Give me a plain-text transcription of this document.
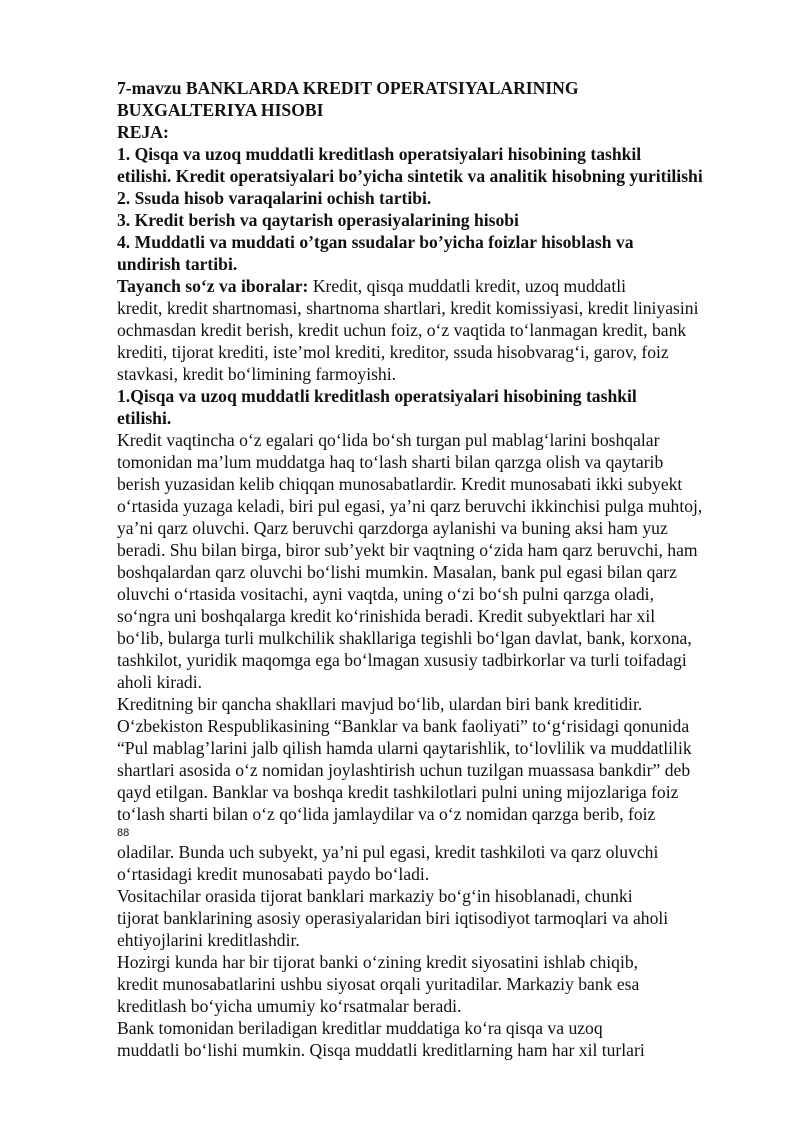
7-mavzu BANKLARDA KREDIT OPERATSIYALARINING
BUXGALTERIYA HISOBI
REJA:
1. Qisqa va uzoq muddatli kreditlash operatsiyalari hisobining tashkil
etilishi. Kredit operatsiyalari bo’yicha sintetik va analitik hisobning yuritilishi
2. Ssuda hisob varaqalarini ochish tartibi.
3. Kredit berish va qaytarish operasiyalarining hisobi
4. Muddatli va muddati o’tgan ssudalar bo’yicha foizlar hisoblash va
undirish tartibi.
Tayanch so‘z va iboralar: Kredit, qisqa muddatli kredit, uzoq muddatli
kredit, kredit shartnomasi, shartnoma shartlari, kredit komissiyasi, kredit liniyasini
ochmasdan kredit berish, kredit uchun foiz, o‘z vaqtida to‘lanmagan kredit, bank
krediti, tijorat krediti, iste’mol krediti, kreditor, ssuda hisobvarag‘i, garov, foiz
stavkasi, kredit bo‘limining farmoyishi.
1.Qisqa va uzoq muddatli kreditlash operatsiyalari hisobining tashkil
etilishi.
Kredit vaqtincha o‘z egalari qo‘lida bo‘sh turgan pul mablag‘larini boshqalar
tomonidan ma’lum muddatga haq to‘lash sharti bilan qarzga olish va qaytarib
berish yuzasidan kelib chiqqan munosabatlardir. Kredit munosabati ikki subyekt
o‘rtasida yuzaga keladi, biri pul egasi, ya’ni qarz beruvchi ikkinchisi pulga muhtoj,
ya’ni qarz oluvchi. Qarz beruvchi qarzdorga aylanishi va buning aksi ham yuz
beradi. Shu bilan birga, biror sub’yekt bir vaqtning o‘zida ham qarz beruvchi, ham
boshqalardan qarz oluvchi bo‘lishi mumkin. Masalan, bank pul egasi bilan qarz
oluvchi o‘rtasida vositachi, ayni vaqtda, uning o‘zi bo‘sh pulni qarzga oladi,
so‘ngra uni boshqalarga kredit ko‘rinishida beradi. Kredit subyektlari har xil
bo‘lib, bularga turli mulkchilik shakllariga tegishli bo‘lgan davlat, bank, korxona,
tashkilot, yuridik maqomga ega bo‘lmagan xususiy tadbirkorlar va turli toifadagi
aholi kiradi.
Kreditning bir qancha shakllari mavjud bo‘lib, ulardan biri bank kreditidir.
O‘zbekiston Respublikasining “Banklar va bank faoliyati” to‘g‘risidagi qonunida
“Pul mablag’larini jalb qilish hamda ularni qaytarishlik, to‘lovlilik va muddatlilik
shartlari asosida o‘z nomidan joylashtirish uchun tuzilgan muassasa bankdir” deb
qayd etilgan. Banklar va boshqa kredit tashkilotlari pulni uning mijozlariga foiz
to‘lash sharti bilan o‘z qo‘lida jamlaydilar va o‘z nomidan qarzga berib, foiz
88
oladilar. Bunda uch subyekt, ya’ni pul egasi, kredit tashkiloti va qarz oluvchi
o‘rtasidagi kredit munosabati paydo bo‘ladi.
Vositachilar orasida tijorat banklari markaziy bo‘g‘in hisoblanadi, chunki
tijorat banklarining asosiy operasiyalaridan biri iqtisodiyot tarmoqlari va aholi
ehtiyojlarini kreditlashdir.
Hozirgi kunda har bir tijorat banki o‘zining kredit siyosatini ishlab chiqib,
kredit munosabatlarini ushbu siyosat orqali yuritadilar. Markaziy bank esa
kreditlash bo‘yicha umumiy ko‘rsatmalar beradi.
Bank tomonidan beriladigan kreditlar muddatiga ko‘ra qisqa va uzoq
muddatli bo‘lishi mumkin. Qisqa muddatli kreditlarning ham har xil turlari
